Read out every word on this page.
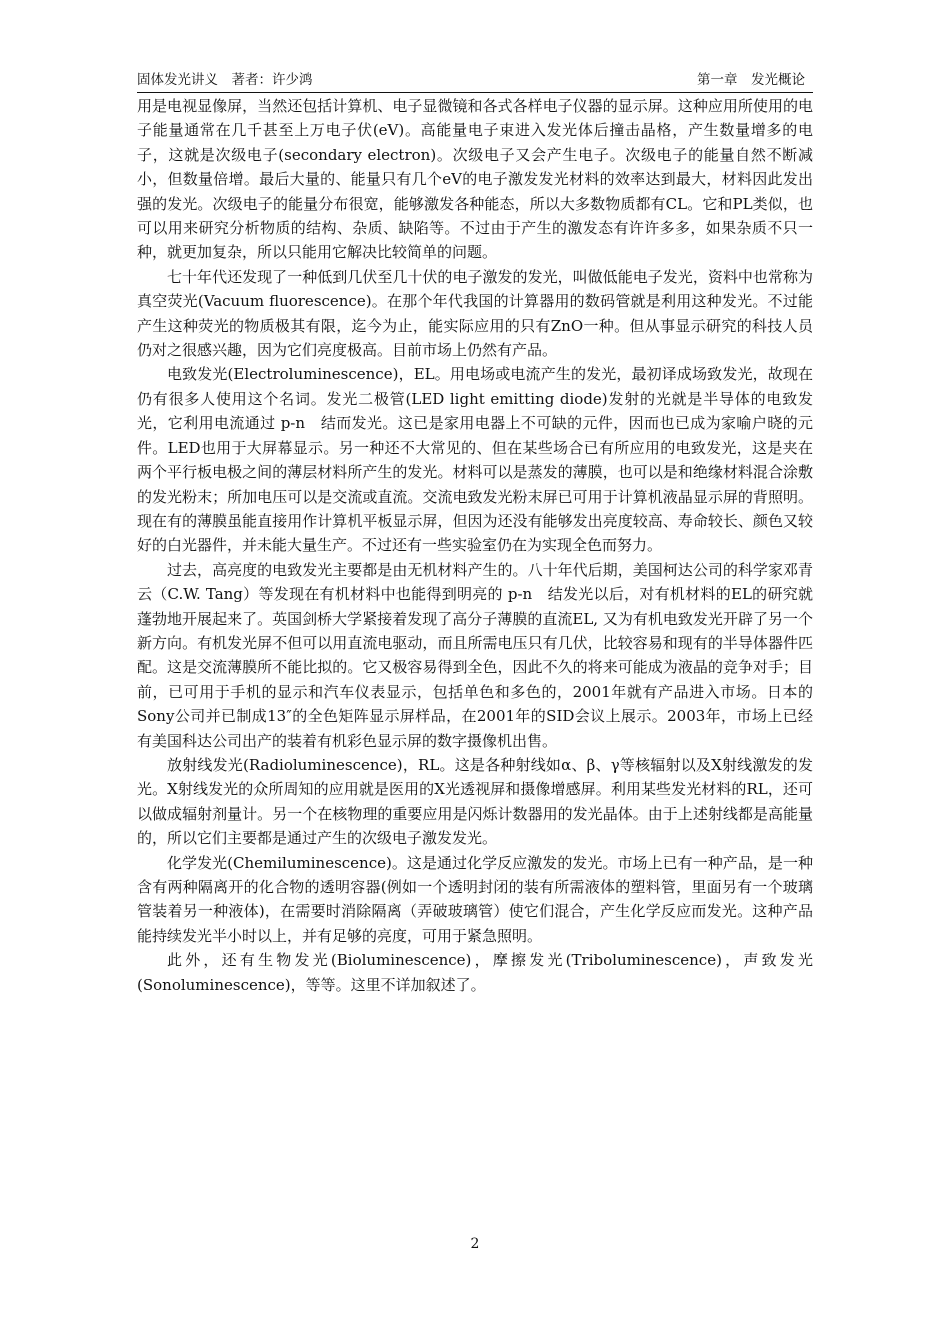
固体发光讲义　著者：许少鸿	第一章　发光概论

用是电视显像屏，当然还包括计算机、电子显微镜和各式各样电子仪器的显示屏。这种应用所使用的电子能量通常在几千甚至上万电子伏(eV)。高能量电子束进入发光体后撞击晶格，产生数量增多的电子，这就是次级电子(secondary electron)。次级电子又会产生电子。次级电子的能量自然不断减小，但数量倍增。最后大量的、能量只有几个eV的电子激发发光材料的效率达到最大，材料因此发出强的发光。次级电子的能量分布很宽，能够激发各种能态，所以大多数物质都有CL。它和PL类似，也可以用来研究分析物质的结构、杂质、缺陷等。不过由于产生的激发态有许许多多，如果杂质不只一种，就更加复杂，所以只能用它解决比较简单的问题。

七十年代还发现了一种低到几伏至几十伏的电子激发的发光，叫做低能电子发光，资料中也常称为真空荧光(Vacuum fluorescence)。在那个年代我国的计算器用的数码管就是利用这种发光。不过能产生这种荧光的物质极其有限，迄今为止，能实际应用的只有ZnO一种。但从事显示研究的科技人员仍对之很感兴趣，因为它们亮度极高。目前市场上仍然有产品。

电致发光(Electroluminescence)，EL。用电场或电流产生的发光，最初译成场致发光，故现在仍有很多人使用这个名词。发光二极管(LED light emitting diode)发射的光就是半导体的电致发光，它利用电流通过 p-n　结而发光。这已是家用电器上不可缺的元件，因而也已成为家喻户晓的元件。LED也用于大屏幕显示。另一种还不大常见的、但在某些场合已有所应用的电致发光，这是夹在两个平行板电极之间的薄层材料所产生的发光。材料可以是蒸发的薄膜，也可以是和绝缘材料混合涂敷的发光粉末；所加电压可以是交流或直流。交流电致发光粉末屏已可用于计算机液晶显示屏的背照明。现在有的薄膜虽能直接用作计算机平板显示屏，但因为还没有能够发出亮度较高、寿命较长、颜色又较好的白光器件，并未能大量生产。不过还有一些实验室仍在为实现全色而努力。

过去，高亮度的电致发光主要都是由无机材料产生的。八十年代后期，美国柯达公司的科学家邓青云（C.W. Tang）等发现在有机材料中也能得到明亮的 p-n　结发光以后，对有机材料的EL的研究就蓬勃地开展起来了。英国剑桥大学紧接着发现了高分子薄膜的直流EL, 又为有机电致发光开辟了另一个新方向。有机发光屏不但可以用直流电驱动，而且所需电压只有几伏，比较容易和现有的半导体器件匹配。这是交流薄膜所不能比拟的。它又极容易得到全色，因此不久的将来可能成为液晶的竞争对手；目前，已可用于手机的显示和汽车仪表显示，包括单色和多色的，2001年就有产品进入市场。日本的Sony公司并已制成13″的全色矩阵显示屏样品，在2001年的SID会议上展示。2003年，市场上已经有美国科达公司出产的装着有机彩色显示屏的数字摄像机出售。

放射线发光(Radioluminescence)，RL。这是各种射线如α、β、γ等核辐射以及X射线激发的发光。X射线发光的众所周知的应用就是医用的X光透视屏和摄像增感屏。利用某些发光材料的RL，还可以做成辐射剂量计。另一个在核物理的重要应用是闪烁计数器用的发光晶体。由于上述射线都是高能量的，所以它们主要都是通过产生的次级电子激发发光。

化学发光(Chemiluminescence)。这是通过化学反应激发的发光。市场上已有一种产品，是一种含有两种隔离开的化合物的透明容器(例如一个透明封闭的装有所需液体的塑料管，里面另有一个玻璃管装着另一种液体)，在需要时消除隔离（弄破玻璃管）使它们混合，产生化学反应而发光。这种产品能持续发光半小时以上，并有足够的亮度，可用于紧急照明。

此外，还有生物发光(Bioluminescence)，摩擦发光(Triboluminescence)，声致发光(Sonoluminescence)，等等。这里不详加叙述了。

2
